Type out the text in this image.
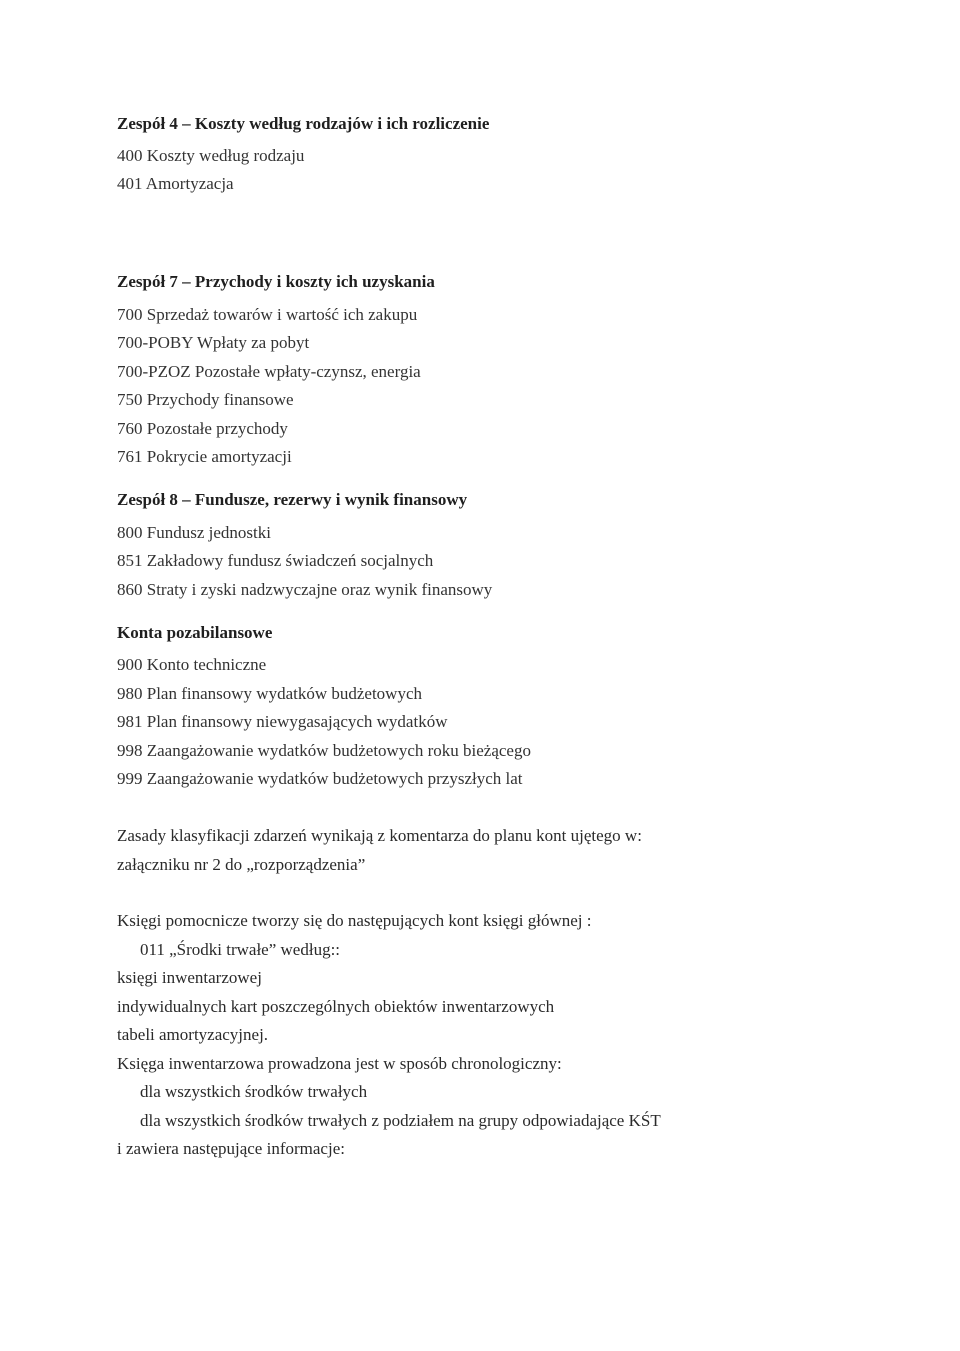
Zespół 4 – Koszty według rodzajów i ich rozliczenie
400 Koszty według rodzaju
401 Amortyzacja
Zespół 7 – Przychody i koszty ich uzyskania
700 Sprzedaż towarów i wartość ich zakupu
700-POBY Wpłaty za pobyt
700-PZOZ Pozostałe wpłaty-czynsz, energia
750 Przychody finansowe
760 Pozostałe przychody
761 Pokrycie amortyzacji
Zespół 8 – Fundusze, rezerwy i wynik finansowy
800 Fundusz jednostki
851 Zakładowy fundusz świadczeń socjalnych
860 Straty i zyski nadzwyczajne oraz wynik finansowy
Konta pozabilansowe
900 Konto techniczne
980 Plan finansowy wydatków budżetowych
981 Plan finansowy niewygasających wydatków
998 Zaangażowanie wydatków budżetowych roku bieżącego
999 Zaangażowanie wydatków budżetowych przyszłych lat
Zasady klasyfikacji zdarzeń wynikają z komentarza do planu kont ujętego w:
załączniku nr 2 do „rozporządzenia”
Księgi pomocnicze tworzy się do następujących kont księgi głównej :
011 „Środki trwałe” według::
księgi inwentarzowej
indywidualnych kart poszczególnych obiektów inwentarzowych
tabeli amortyzacyjnej.
Księga inwentarzowa prowadzona jest w sposób chronologiczny:
dla wszystkich środków trwałych
dla wszystkich środków trwałych z podziałem na grupy odpowiadające KŚT
i zawiera następujące informacje:
